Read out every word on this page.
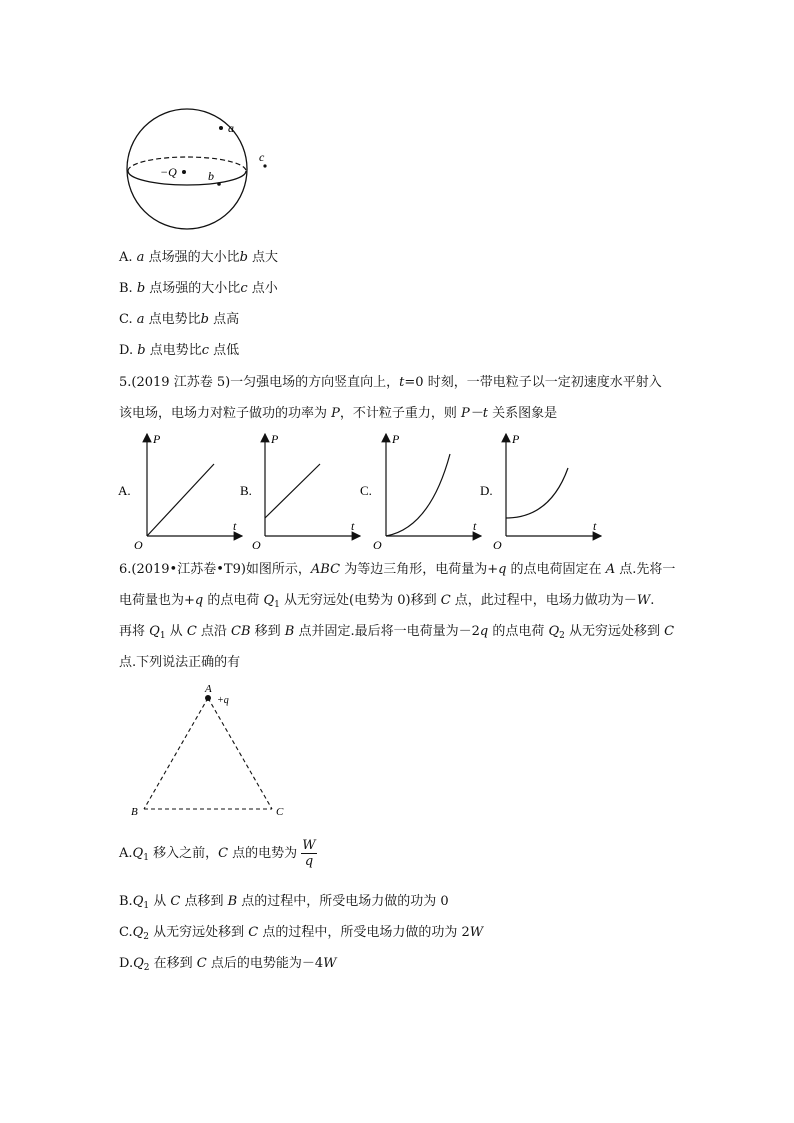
a
c
−Q	b
A. a 点场强的大小比b 点大
B. b 点场强的大小比c 点小
C. a 点电势比b 点高
D. b 点电势比c 点低
5.(2019 江苏卷 5)一匀强电场的方向竖直向上，t=0 时刻，一带电粒子以一定初速度水平射入
该电场，电场力对粒子做功的功率为 P，不计粒子重力，则 P－t 关系图象是
A.
P
t
O
B.
P
t
O
C.
P
t
O
D.
P
t
O
6.(2019•江苏卷•T9)如图所示，ABC 为等边三角形，电荷量为+q 的点电荷固定在 A 点.先将一
电荷量也为+q 的点电荷 $Q_1$ 从无穷远处(电势为 0)移到 C 点，此过程中，电场力做功为－W.
再将 $Q_1$ 从 C 点沿 CB 移到 B 点并固定.最后将一电荷量为－2q 的点电荷 $Q_2$ 从无穷远处移到 C
点.下列说法正确的有
A
+q
B	C
$A.Q_1$ 移入之前，C 点的电势为 $\frac{W}{q}$
$B.Q_1$ 从 C 点移到 B 点的过程中，所受电场力做的功为 0
$C.Q_2$ 从无穷远处移到 C 点的过程中，所受电场力做的功为 2W
$D.Q_2$ 在移到 C 点后的电势能为－4W
